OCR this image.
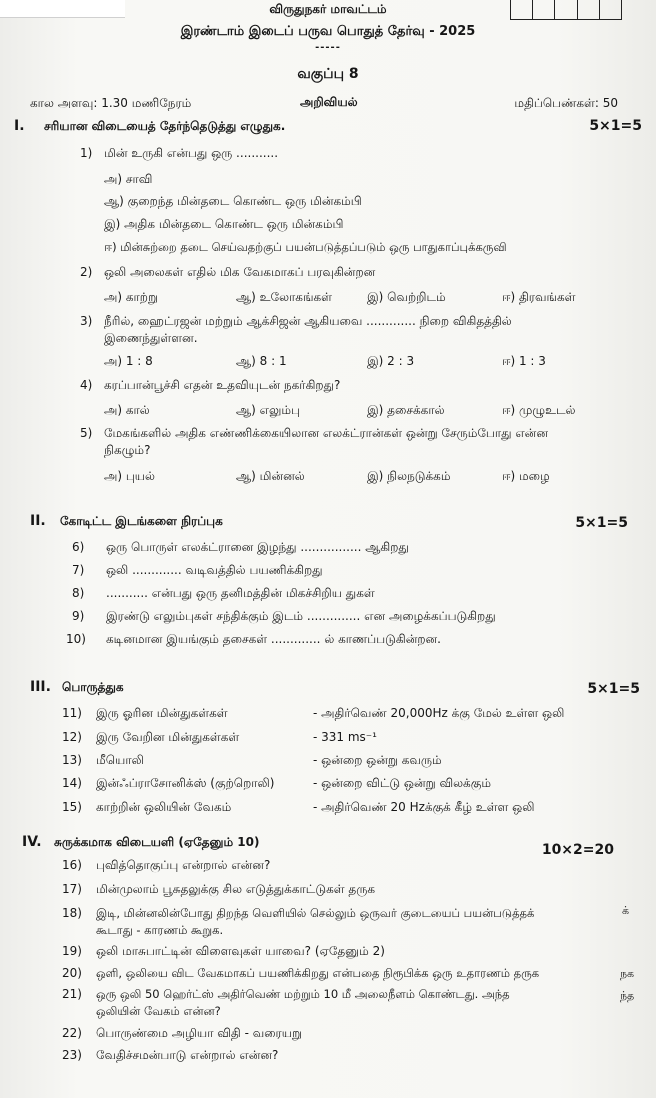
விருதுநகர் மாவட்டம்
இரண்டாம் இடைப் பருவ பொதுத் தேர்வு - 2025
-----
வகுப்பு 8
கால அளவு: 1.30 மணிநேரம்	அறிவியல்	மதிப்பெண்கள்: 50
I. சரியான விடையைத் தேர்ந்தெடுத்து எழுதுக.	5×1=5
1) மின் உருகி என்பது ஒரு ...........
அ) சாவி
ஆ) குறைந்த மின்தடை கொண்ட ஒரு மின்கம்பி
இ) அதிக மின்தடை கொண்ட ஒரு மின்கம்பி
ஈ) மின்சுற்றை தடை செய்வதற்குப் பயன்படுத்தப்படும் ஒரு பாதுகாப்புக்கருவி
2) ஒலி அலைகள் எதில் மிக வேகமாகப் பரவுகின்றன
அ) காற்று	ஆ) உலோகங்கள்	இ) வெற்றிடம்	ஈ) திரவங்கள்
3) நீரில், ஹைட்ரஜன் மற்றும் ஆக்சிஜன் ஆகியவை ............. நிறை விகிதத்தில்
இணைந்துள்ளன.
அ) 1 : 8	ஆ) 8 : 1	இ) 2 : 3	ஈ) 1 : 3
4) கரப்பான்பூச்சி எதன் உதவியுடன் நகர்கிறது?
அ) கால்	ஆ) எலும்பு	இ) தசைக்கால்	ஈ) முழுஉடல்
5) மேகங்களில் அதிக எண்ணிக்கையிலான எலக்ட்ரான்கள் ஒன்று சேரும்போது என்ன
நிகழும்?
அ) புயல்	ஆ) மின்னல்	இ) நிலநடுக்கம்	ஈ) மழை
II. கோடிட்ட இடங்களை நிரப்புக	5×1=5
6) ஒரு பொருள் எலக்ட்ரானை இழந்து ................ ஆகிறது
7) ஒலி ............. வடிவத்தில் பயணிக்கிறது
8) ........... என்பது ஒரு தனிமத்தின் மிகச்சிறிய துகள்
9) இரண்டு எலும்புகள் சந்திக்கும் இடம் .............. என அழைக்கப்படுகிறது
10) கடினமான இயங்கும் தசைகள் ............. ல் காணப்படுகின்றன.
III. பொருத்துக	5×1=5
11) இரு ஓரின மின்துகள்கள்	- அதிர்வெண் 20,000Hz க்கு மேல் உள்ள ஒலி
12) இரு வேறின மின்துகள்கள்	- 331 ms⁻¹
13) மீயொலி	- ஒன்றை ஒன்று கவரும்
14) இன்ஃப்ராசோனிக்ஸ் (குற்றொலி)	- ஒன்றை விட்டு ஒன்று விலக்கும்
15) காற்றின் ஒலியின் வேகம்	- அதிர்வெண் 20 Hzக்குக் கீழ் உள்ள ஒலி
IV. சுருக்கமாக விடையளி (ஏதேனும் 10)	10×2=20
16) புவித்தொகுப்பு என்றால் என்ன?
17) மின்முலாம் பூசுதலுக்கு சில எடுத்துக்காட்டுகள் தருக
18) இடி, மின்னலின்போது திறந்த வெளியில் செல்லும் ஒருவர் குடையைப் பயன்படுத்தக்
கூடாது - காரணம் கூறுக.
19) ஒலி மாசுபாட்டின் விளைவுகள் யாவை? (ஏதேனும் 2)
20) ஒளி, ஒலியை விட வேகமாகப் பயணிக்கிறது என்பதை நிரூபிக்க ஒரு உதாரணம் தருக
21) ஒரு ஒலி 50 ஹெர்ட்ஸ் அதிர்வெண் மற்றும் 10 மீ அலைநீளம் கொண்டது. அந்த
ஒலியின் வேகம் என்ன?
22) பொருண்மை அழியா விதி - வரையறு
23) வேதிச்சமன்பாடு என்றால் என்ன?
க்
நக
ந்த
